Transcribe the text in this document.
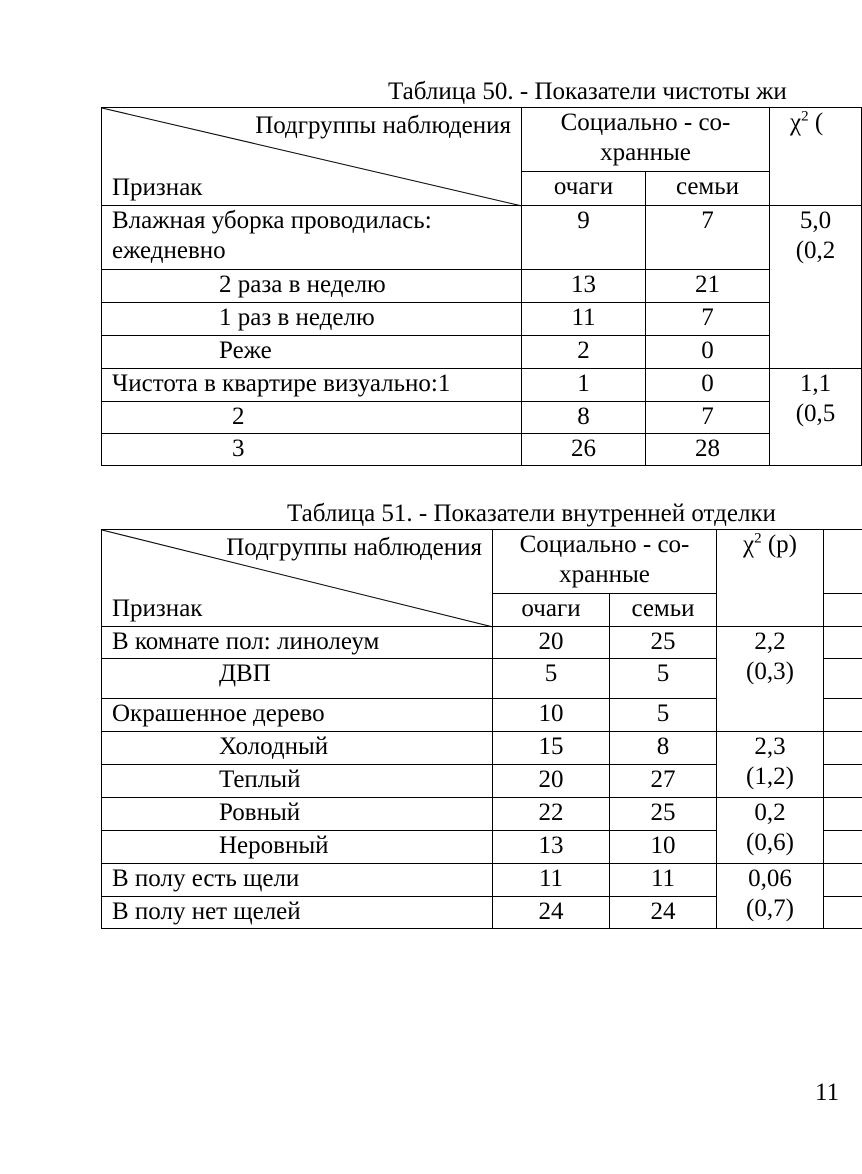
Таблица 50. - Показатели чистоты жи
Подгруппы наблюдения
Признак	Социально - со-хранные		$\chi^2$ (
	очаги	семьи	
Влажная уборка проводилась: ежедневно	9	7	5,0
(0,2

2 раза в неделю	13	21	
1 раз в неделю	11	7	
Реже	2	0	
Чистота в квартире визуально:1	1	0	1,1
(0,5

2	8	7	
3	26	28	
Таблица 51. - Показатели внутренней отделки
Подгруппы наблюдения
Признак	Социально - со-хранные		$\chi^2$ (р)	
	очаги	семьи		
В комнате пол: линолеум	20	25	2,2
(0,3)	

ДВП	5	5		
Окрашенное дерево	10	5		
Холодный	15	8	2,3
(1,2)	

Теплый	20	27		
Ровный	22	25	0,2
(0,6)	

Неровный	13	10		
В полу есть щели	11	11	0,06
(0,7)	

В полу нет щелей	24	24		
11
